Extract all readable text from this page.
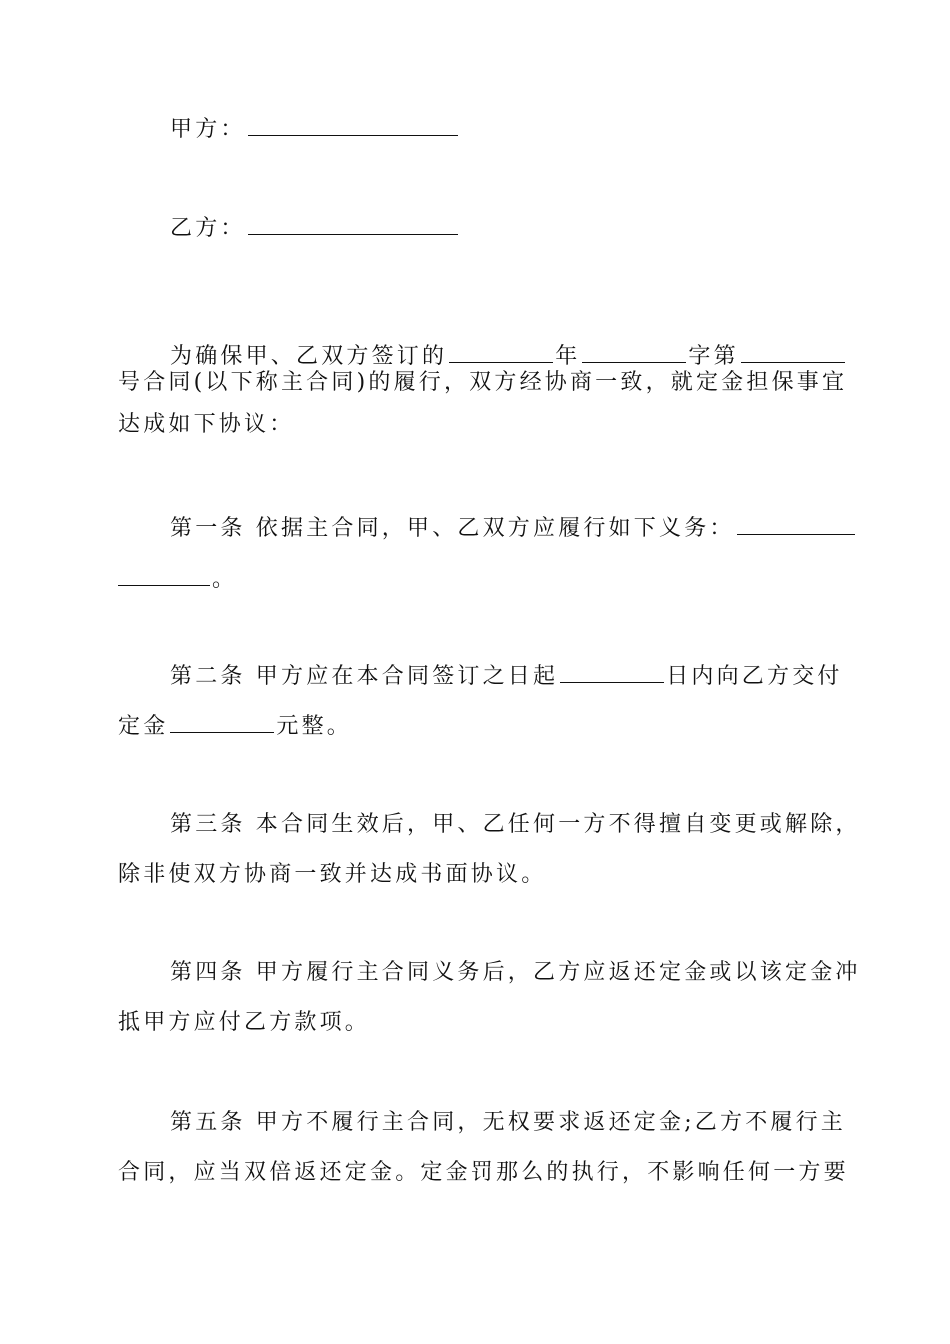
甲方：
乙方：
为确保甲、乙双方签订的	年	字第
号合同(以下称主合同)的履行，双方经协商一致，就定金担保事宜
达成如下协议：
第一条 依据主合同，甲、乙双方应履行如下义务：
。
第二条 甲方应在本合同签订之日起	日内向乙方交付
定金	元整。
第三条 本合同生效后，甲、乙任何一方不得擅自变更或解除，
除非使双方协商一致并达成书面协议。
第四条 甲方履行主合同义务后，乙方应返还定金或以该定金冲
抵甲方应付乙方款项。
第五条 甲方不履行主合同，无权要求返还定金;乙方不履行主
合同，应当双倍返还定金。定金罚那么的执行，不影响任何一方要
